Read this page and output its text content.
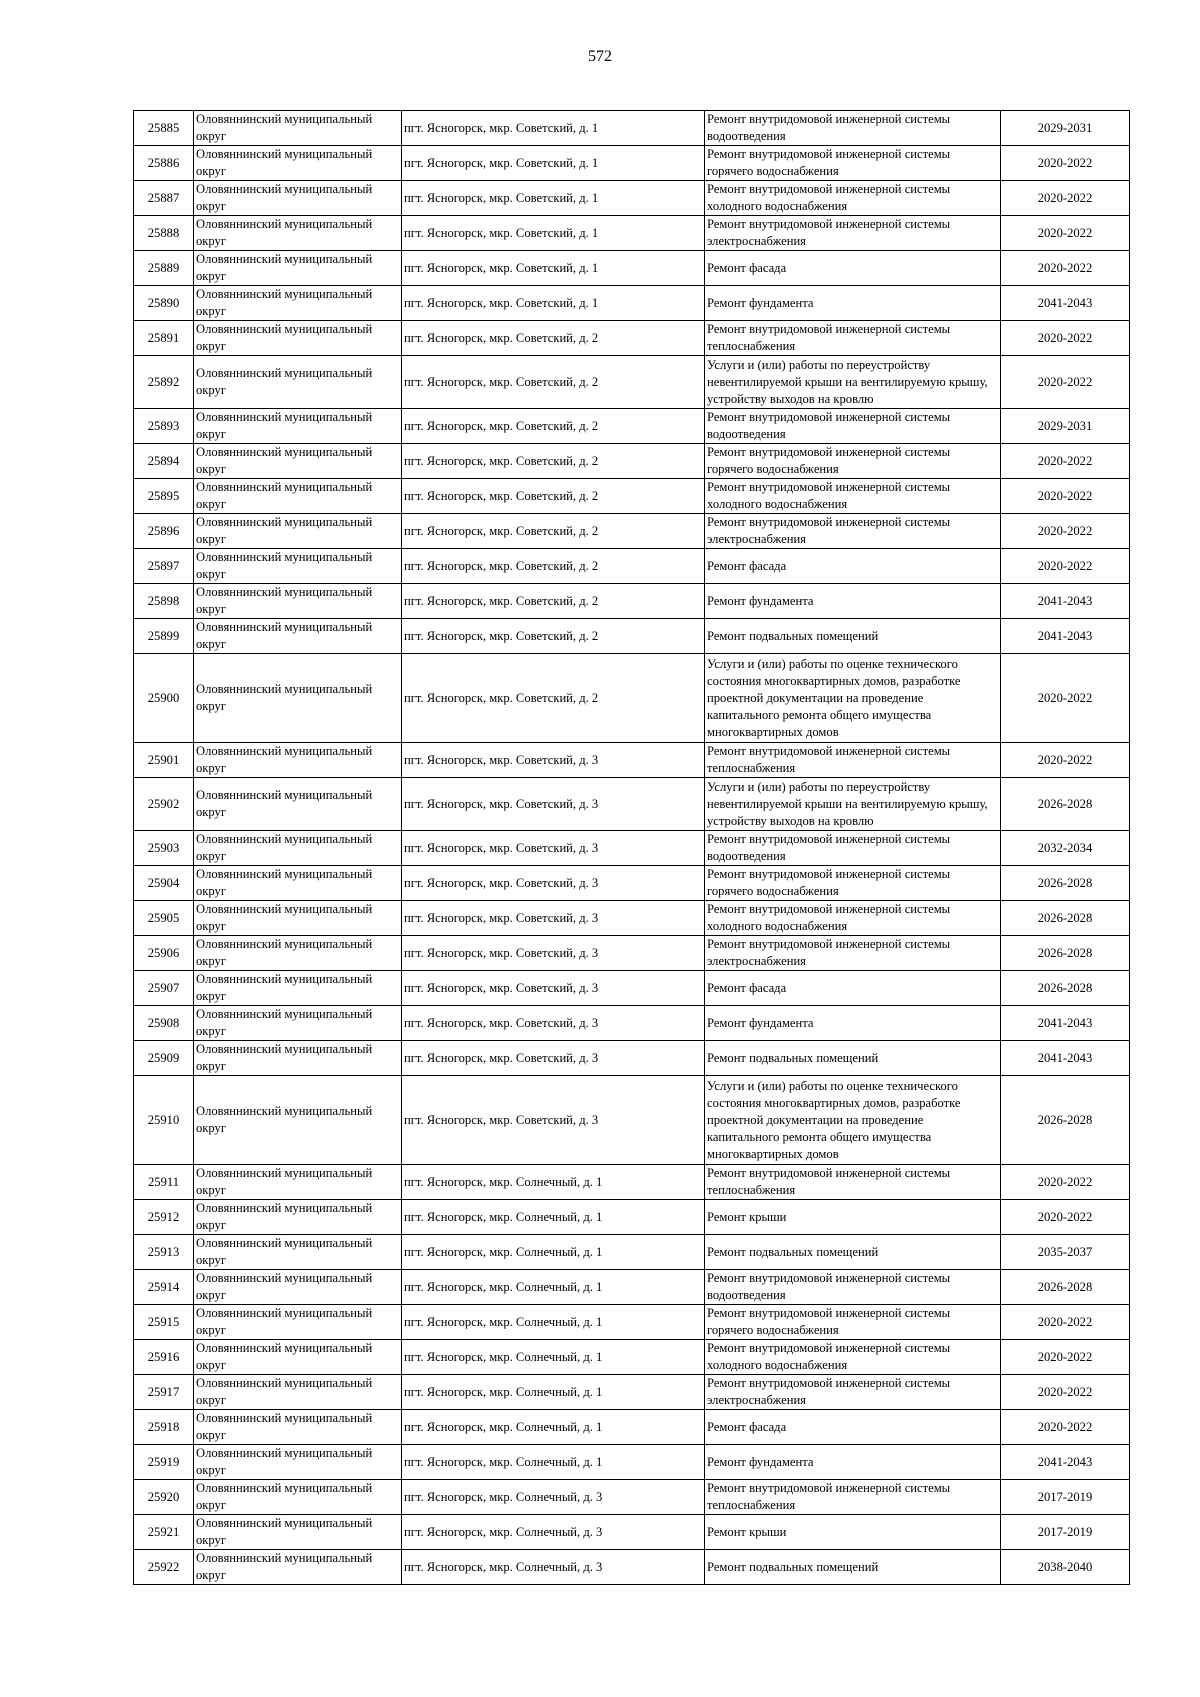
572
25885	Оловяннинский муниципальный округ	пгт. Ясногорск, мкр. Советский, д. 1	Ремонт внутридомовой инженерной системы водоотведения	2029-2031
25886	Оловяннинский муниципальный округ	пгт. Ясногорск, мкр. Советский, д. 1	Ремонт внутридомовой инженерной системы горячего водоснабжения	2020-2022
25887	Оловяннинский муниципальный округ	пгт. Ясногорск, мкр. Советский, д. 1	Ремонт внутридомовой инженерной системы холодного водоснабжения	2020-2022
25888	Оловяннинский муниципальный округ	пгт. Ясногорск, мкр. Советский, д. 1	Ремонт внутридомовой инженерной системы электроснабжения	2020-2022
25889	Оловяннинский муниципальный округ	пгт. Ясногорск, мкр. Советский, д. 1	Ремонт фасада	2020-2022
25890	Оловяннинский муниципальный округ	пгт. Ясногорск, мкр. Советский, д. 1	Ремонт фундамента	2041-2043
25891	Оловяннинский муниципальный округ	пгт. Ясногорск, мкр. Советский, д. 2	Ремонт внутридомовой инженерной системы теплоснабжения	2020-2022
25892	Оловяннинский муниципальный округ	пгт. Ясногорск, мкр. Советский, д. 2	Услуги и (или) работы по переустройству невентилируемой крыши на вентилируемую крышу, устройству выходов на кровлю	2020-2022
25893	Оловяннинский муниципальный округ	пгт. Ясногорск, мкр. Советский, д. 2	Ремонт внутридомовой инженерной системы водоотведения	2029-2031
25894	Оловяннинский муниципальный округ	пгт. Ясногорск, мкр. Советский, д. 2	Ремонт внутридомовой инженерной системы горячего водоснабжения	2020-2022
25895	Оловяннинский муниципальный округ	пгт. Ясногорск, мкр. Советский, д. 2	Ремонт внутридомовой инженерной системы холодного водоснабжения	2020-2022
25896	Оловяннинский муниципальный округ	пгт. Ясногорск, мкр. Советский, д. 2	Ремонт внутридомовой инженерной системы электроснабжения	2020-2022
25897	Оловяннинский муниципальный округ	пгт. Ясногорск, мкр. Советский, д. 2	Ремонт фасада	2020-2022
25898	Оловяннинский муниципальный округ	пгт. Ясногорск, мкр. Советский, д. 2	Ремонт фундамента	2041-2043
25899	Оловяннинский муниципальный округ	пгт. Ясногорск, мкр. Советский, д. 2	Ремонт подвальных помещений	2041-2043
25900	Оловяннинский муниципальный округ	пгт. Ясногорск, мкр. Советский, д. 2	Услуги и (или) работы по оценке технического состояния многоквартирных домов, разработке проектной документации на проведение капитального ремонта общего имущества многоквартирных домов	2020-2022
25901	Оловяннинский муниципальный округ	пгт. Ясногорск, мкр. Советский, д. 3	Ремонт внутридомовой инженерной системы теплоснабжения	2020-2022
25902	Оловяннинский муниципальный округ	пгт. Ясногорск, мкр. Советский, д. 3	Услуги и (или) работы по переустройству невентилируемой крыши на вентилируемую крышу, устройству выходов на кровлю	2026-2028
25903	Оловяннинский муниципальный округ	пгт. Ясногорск, мкр. Советский, д. 3	Ремонт внутридомовой инженерной системы водоотведения	2032-2034
25904	Оловяннинский муниципальный округ	пгт. Ясногорск, мкр. Советский, д. 3	Ремонт внутридомовой инженерной системы горячего водоснабжения	2026-2028
25905	Оловяннинский муниципальный округ	пгт. Ясногорск, мкр. Советский, д. 3	Ремонт внутридомовой инженерной системы холодного водоснабжения	2026-2028
25906	Оловяннинский муниципальный округ	пгт. Ясногорск, мкр. Советский, д. 3	Ремонт внутридомовой инженерной системы электроснабжения	2026-2028
25907	Оловяннинский муниципальный округ	пгт. Ясногорск, мкр. Советский, д. 3	Ремонт фасада	2026-2028
25908	Оловяннинский муниципальный округ	пгт. Ясногорск, мкр. Советский, д. 3	Ремонт фундамента	2041-2043
25909	Оловяннинский муниципальный округ	пгт. Ясногорск, мкр. Советский, д. 3	Ремонт подвальных помещений	2041-2043
25910	Оловяннинский муниципальный округ	пгт. Ясногорск, мкр. Советский, д. 3	Услуги и (или) работы по оценке технического состояния многоквартирных домов, разработке проектной документации на проведение капитального ремонта общего имущества многоквартирных домов	2026-2028
25911	Оловяннинский муниципальный округ	пгт. Ясногорск, мкр. Солнечный, д. 1	Ремонт внутридомовой инженерной системы теплоснабжения	2020-2022
25912	Оловяннинский муниципальный округ	пгт. Ясногорск, мкр. Солнечный, д. 1	Ремонт крыши	2020-2022
25913	Оловяннинский муниципальный округ	пгт. Ясногорск, мкр. Солнечный, д. 1	Ремонт подвальных помещений	2035-2037
25914	Оловяннинский муниципальный округ	пгт. Ясногорск, мкр. Солнечный, д. 1	Ремонт внутридомовой инженерной системы водоотведения	2026-2028
25915	Оловяннинский муниципальный округ	пгт. Ясногорск, мкр. Солнечный, д. 1	Ремонт внутридомовой инженерной системы горячего водоснабжения	2020-2022
25916	Оловяннинский муниципальный округ	пгт. Ясногорск, мкр. Солнечный, д. 1	Ремонт внутридомовой инженерной системы холодного водоснабжения	2020-2022
25917	Оловяннинский муниципальный округ	пгт. Ясногорск, мкр. Солнечный, д. 1	Ремонт внутридомовой инженерной системы электроснабжения	2020-2022
25918	Оловяннинский муниципальный округ	пгт. Ясногорск, мкр. Солнечный, д. 1	Ремонт фасада	2020-2022
25919	Оловяннинский муниципальный округ	пгт. Ясногорск, мкр. Солнечный, д. 1	Ремонт фундамента	2041-2043
25920	Оловяннинский муниципальный округ	пгт. Ясногорск, мкр. Солнечный, д. 3	Ремонт внутридомовой инженерной системы теплоснабжения	2017-2019
25921	Оловяннинский муниципальный округ	пгт. Ясногорск, мкр. Солнечный, д. 3	Ремонт крыши	2017-2019
25922	Оловяннинский муниципальный округ	пгт. Ясногорск, мкр. Солнечный, д. 3	Ремонт подвальных помещений	2038-2040
